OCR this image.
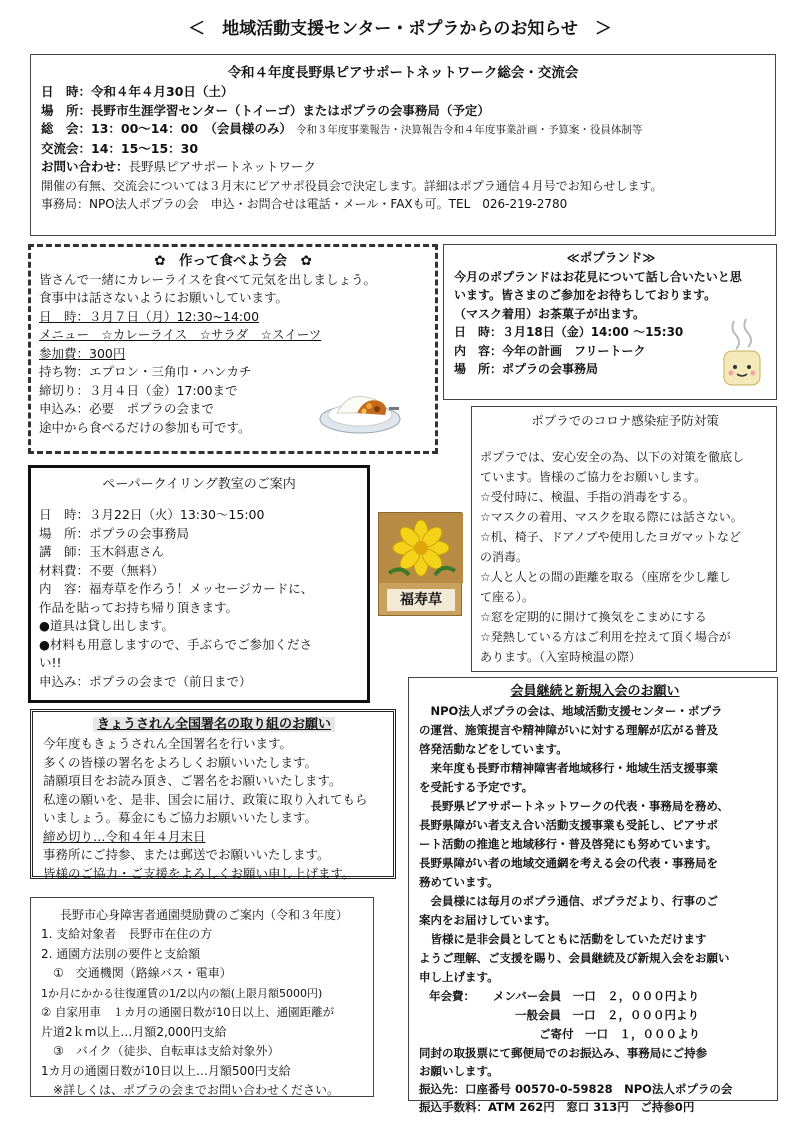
＜　地域活動支援センター・ポプラからのお知らせ　＞
令和４年度長野県ピアサポートネットワーク総会・交流会
日　時：令和４年４月30日（土）
場　所：長野市生涯学習センター（トイーゴ）またはポプラの会事務局（予定）
総　会：13：00～14：00　（会員様のみ） 令和３年度事業報告・決算報告令和４年度事業計画・予算案・役員体制等
交流会：14：15～15：30
お問い合わせ：長野県ピアサポートネットワーク
開催の有無、交流会については３月末にピアサポ役員会で決定します。詳細はポプラ通信４月号でお知らせします。
事務局：NPO法人ポプラの会　申込・お問合せは電話・メール・FAXも可。TEL　026-219-2780
✿　作って食べよう会　✿
皆さんで一緒にカレーライスを食べて元気を出しましょう。
食事中は話さないようにお願いしています。
日　時：３月７日（月）12:30~14:00
メニュー　☆カレーライス　☆サラダ　☆スイーツ
参加費：300円
持ち物：エプロン・三角巾・ハンカチ
締切り：３月４日（金）17:00まで
申込み：必要　ポプラの会まで
途中から食べるだけの参加も可です。
≪ポプランド≫
今月のポプランドはお花見について話し合いたいと思
います。皆さまのご参加をお待ちしております。
（マスク着用）お茶菓子が出ます。
日　時：３月18日（金）14:00 ～15:30
内　容：今年の計画　フリートーク
場　所：ポプラの会事務局
ポプラでのコロナ感染症予防対策
ポプラでは、安心安全の為、以下の対策を徹底し
ています。皆様のご協力をお願いします。
☆受付時に、検温、手指の消毒をする。
☆マスクの着用、マスクを取る際には話さない。
☆机、椅子、ドアノブや使用したヨガマットなど
の消毒。
☆人と人との間の距離を取る（座席を少し離し
て座る）。
☆窓を定期的に開けて換気をこまめにする
☆発熱している方はご利用を控えて頂く場合が
あります。（入室時検温の際）
ペーパークイリング教室のご案内
日　時：３月22日（火）13:30～15:00
場　所：ポプラの会事務局
講　師：玉木斜恵さん
材料費：不要（無料）
内　容：福寿草を作ろう！メッセージカードに、
作品を貼ってお持ち帰り頂きます。
●道具は貸し出します。
●材料も用意しますので、手ぶらでご参加くださ
い!!
申込み：ポプラの会まで（前日まで）
福寿草
きょうされん全国署名の取り組のお願い
今年度もきょうされん全国署名を行います。
多くの皆様の署名をよろしくお願いいたします。
請願項目をお読み頂き、ご署名をお願いいたします。
私達の願いを、是非、国会に届け、政策に取り入れてもら
いましょう。募金にもご協力お願いいたします。
締め切り…令和４年４月末日
事務所にご持参、または郵送でお願いいたします。
皆様のご協力・ご支援をよろしくお願い申し上げます。
長野市心身障害者通園奨励費のご案内（令和３年度）
1. 支給対象者　長野市在住の方
2. 通園方法別の要件と支給額
　①　交通機関（路線バス・電車）
1か月にかかる往復運賃の1/2以内の額(上限月額5000円)
② 自家用車　１カ月の通園日数が10日以上、通園距離が
片道2ｋm以上…月額2,000円支給
　③　バイク（徒歩、自転車は支給対象外）
1カ月の通園日数が10日以上…月額500円支給
　※詳しくは、ポプラの会までお問い合わせください。
会員継続と新規入会のお願い
　NPO法人ポプラの会は、地域活動支援センター・ポプラ
の運営、施策提言や精神障がいに対する理解が広がる普及
啓発活動などをしています。
　来年度も長野市精神障害者地域移行・地域生活支援事業
を受託する予定です。
　長野県ピアサポートネットワークの代表・事務局を務め、
長野県障がい者支え合い活動支援事業も受託し、ピアサポ
ート活動の推進と地域移行・普及啓発にも努めています。
長野県障がい者の地域交通網を考える会の代表・事務局を
務めています。
　会員様には毎月のポプラ通信、ポプラだより、行事のご
案内をお届けしています。
　皆様に是非会員としてともに活動をしていただけます
ようご理解、ご支援を賜り、会員継続及び新規入会をお願い
申し上げます。
年会費： メンバー会員　一口　２，０００円より
一般会員　一口　２，０００円より
ご寄付　一口　１，０００より
同封の取扱票にて郵便局でのお振込み、事務局にご持参
お願いします。
振込先：口座番号 00570-0-59828　NPO法人ポプラの会
振込手数料：ATM 262円　窓口 313円　ご持参0円
